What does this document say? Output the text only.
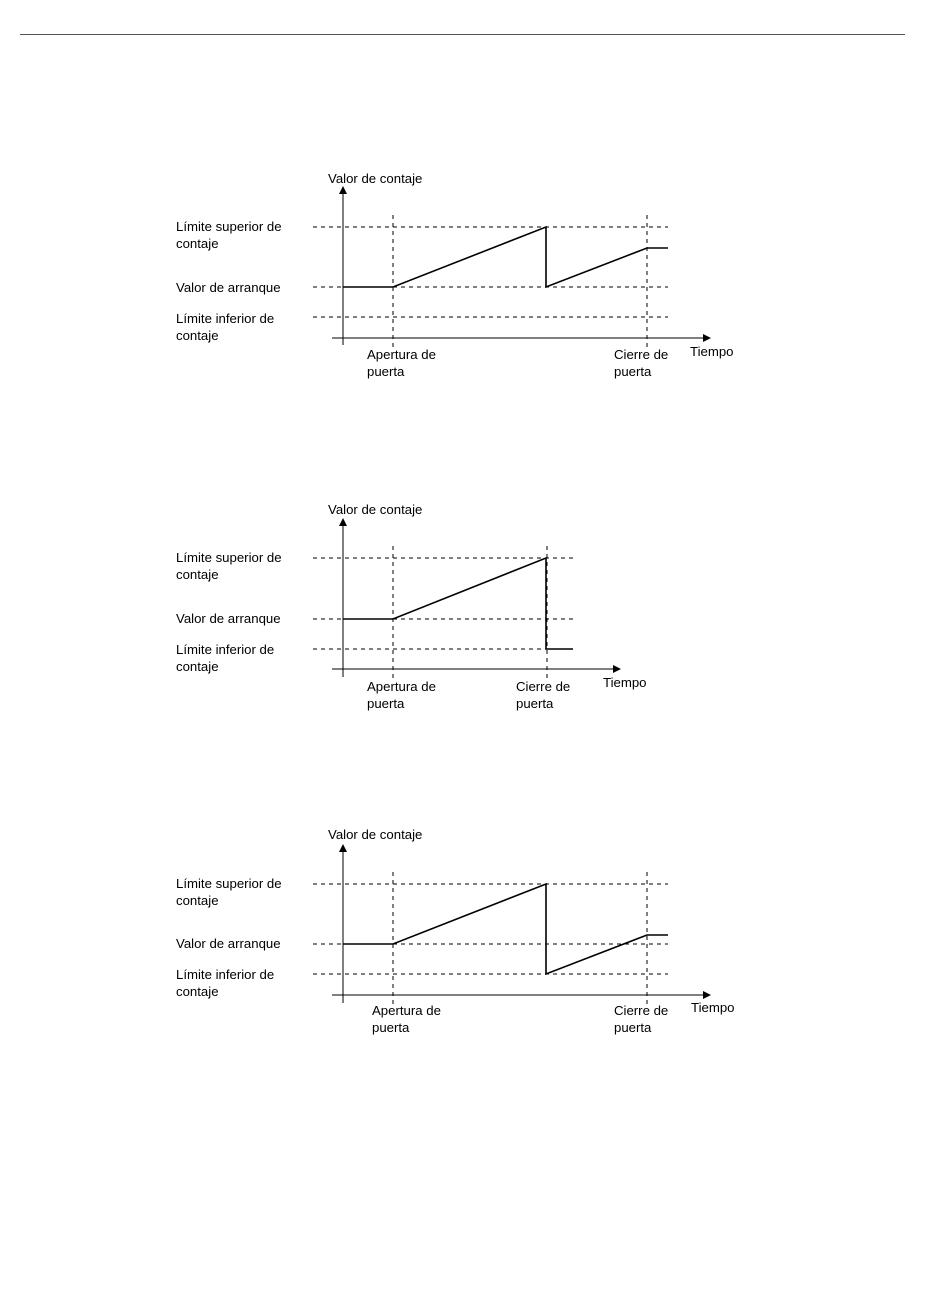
Valor de contaje
Límite superior de contaje
Valor de arranque
Límite inferior de contaje
Apertura de puerta
Cierre de puerta
Tiempo
Valor de contaje
Límite superior de contaje
Valor de arranque
Límite inferior de contaje
Apertura de puerta
Cierre de puerta
Tiempo
Valor de contaje
Límite superior de contaje
Valor de arranque
Límite inferior de contaje
Apertura de puerta
Cierre de puerta
Tiempo
